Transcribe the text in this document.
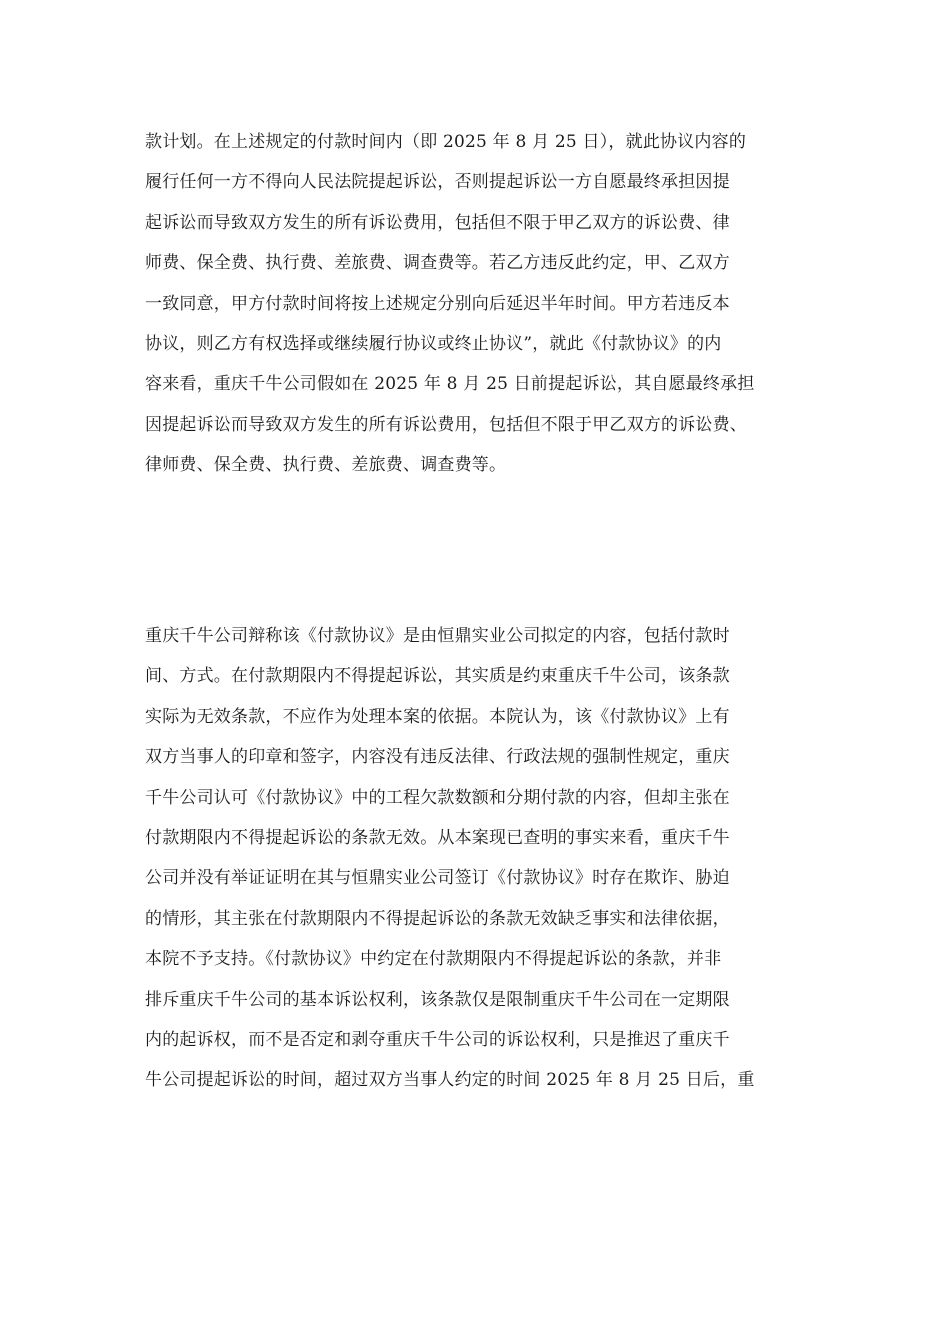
款计划。在上述规定的付款时间内（即 2025 年 8 月 25 日），就此协议内容的
履行任何一方不得向人民法院提起诉讼，否则提起诉讼一方自愿最终承担因提
起诉讼而导致双方发生的所有诉讼费用，包括但不限于甲乙双方的诉讼费、律
师费、保全费、执行费、差旅费、调查费等。若乙方违反此约定，甲、乙双方
一致同意，甲方付款时间将按上述规定分别向后延迟半年时间。甲方若违反本
协议，则乙方有权选择或继续履行协议或终止协议”，就此《付款协议》的内
容来看，重庆千牛公司假如在 2025 年 8 月 25 日前提起诉讼，其自愿最终承担
因提起诉讼而导致双方发生的所有诉讼费用，包括但不限于甲乙双方的诉讼费、
律师费、保全费、执行费、差旅费、调查费等。
重庆千牛公司辩称该《付款协议》是由恒鼎实业公司拟定的内容，包括付款时
间、方式。在付款期限内不得提起诉讼，其实质是约束重庆千牛公司，该条款
实际为无效条款，不应作为处理本案的依据。本院认为，该《付款协议》上有
双方当事人的印章和签字，内容没有违反法律、行政法规的强制性规定，重庆
千牛公司认可《付款协议》中的工程欠款数额和分期付款的内容，但却主张在
付款期限内不得提起诉讼的条款无效。从本案现已查明的事实来看，重庆千牛
公司并没有举证证明在其与恒鼎实业公司签订《付款协议》时存在欺诈、胁迫
的情形，其主张在付款期限内不得提起诉讼的条款无效缺乏事实和法律依据，
本院不予支持。《付款协议》中约定在付款期限内不得提起诉讼的条款，并非
排斥重庆千牛公司的基本诉讼权利，该条款仅是限制重庆千牛公司在一定期限
内的起诉权，而不是否定和剥夺重庆千牛公司的诉讼权利，只是推迟了重庆千
牛公司提起诉讼的时间，超过双方当事人约定的时间 2025 年 8 月 25 日后，重
